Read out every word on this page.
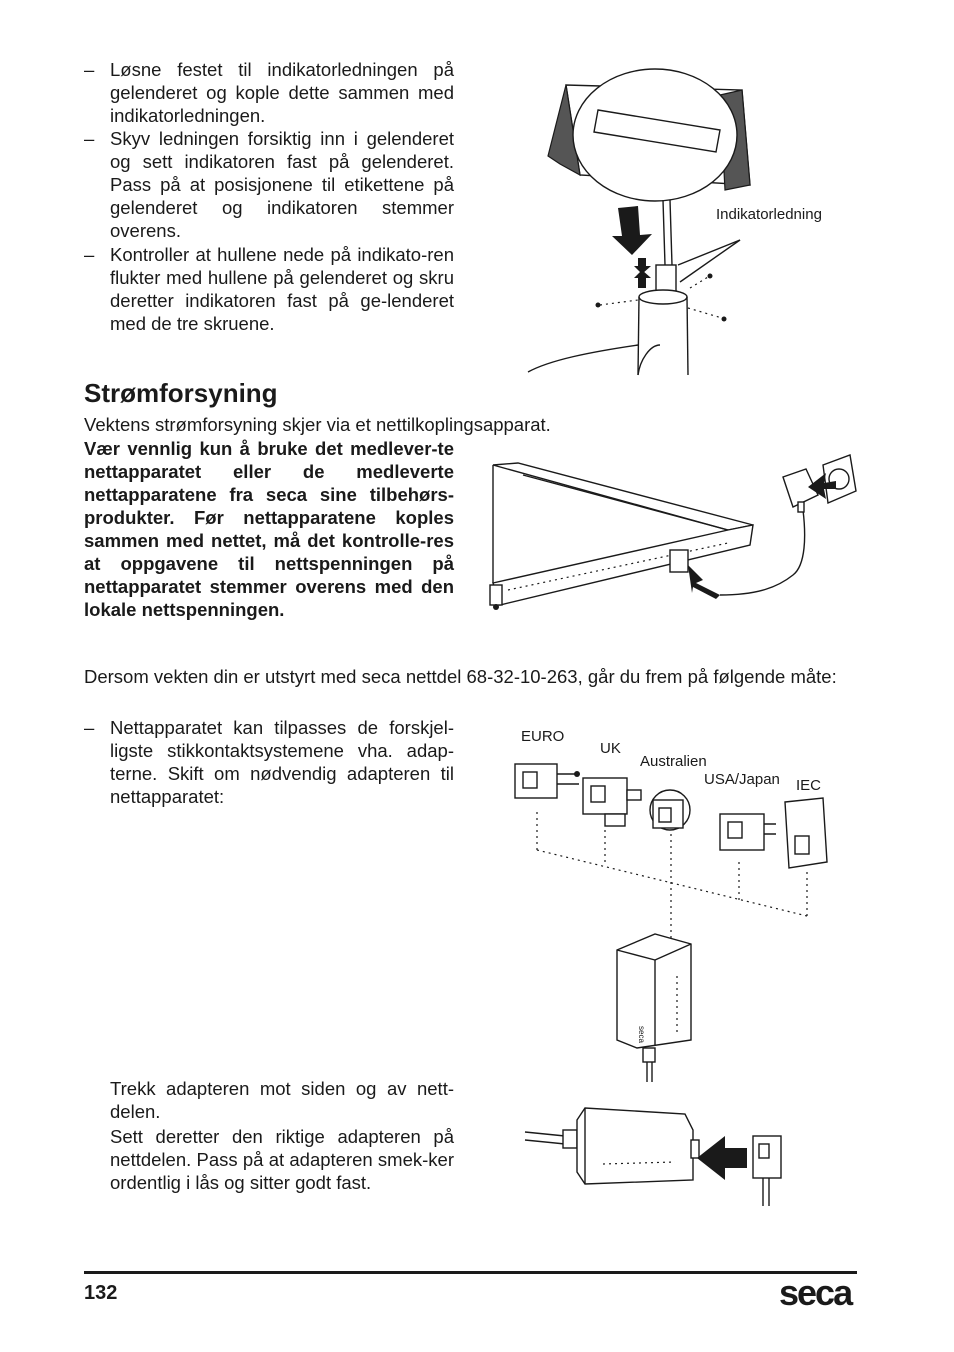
– Løsne festet til indikatorledningen på gelenderet og kople dette sammen med indikatorledningen.
– Skyv ledningen forsiktig inn i gelenderet og sett indikatoren fast på gelenderet. Pass på at posisjonene til etikettene på gelenderet og indikatoren stemmer overens.
– Kontroller at hullene nede på indikato-ren flukter med hullene på gelenderet og skru deretter indikatoren fast på ge-lenderet med de tre skruene.
Indikatorledning
Strømforsyning
Vektens strømforsyning skjer via et nettilkoplingsapparat.
Vær vennlig kun å bruke det medlever-te nettapparatet eller de medleverte nettapparatene fra seca sine tilbehørs-produkter. Før nettapparatene koples sammen med nettet, må det kontrolle-res at oppgavene til nettspenningen på nettapparatet stemmer overens med den lokale nettspenningen.
Dersom vekten din er utstyrt med seca nettdel 68-32-10-263, går du frem på følgende måte:
– Nettapparatet kan tilpasses de forskjel-ligste stikkontaktsystemene vha. adap-terne. Skift om nødvendig adapteren til nettapparatet:
EURO
UK
Australien
USA/Japan IEC
seca
Trekk adapteren mot siden og av nett-delen.
Sett deretter den riktige adapteren på nettdelen. Pass på at adapteren smek-ker ordentlig i lås og sitter godt fast.
132	seca
